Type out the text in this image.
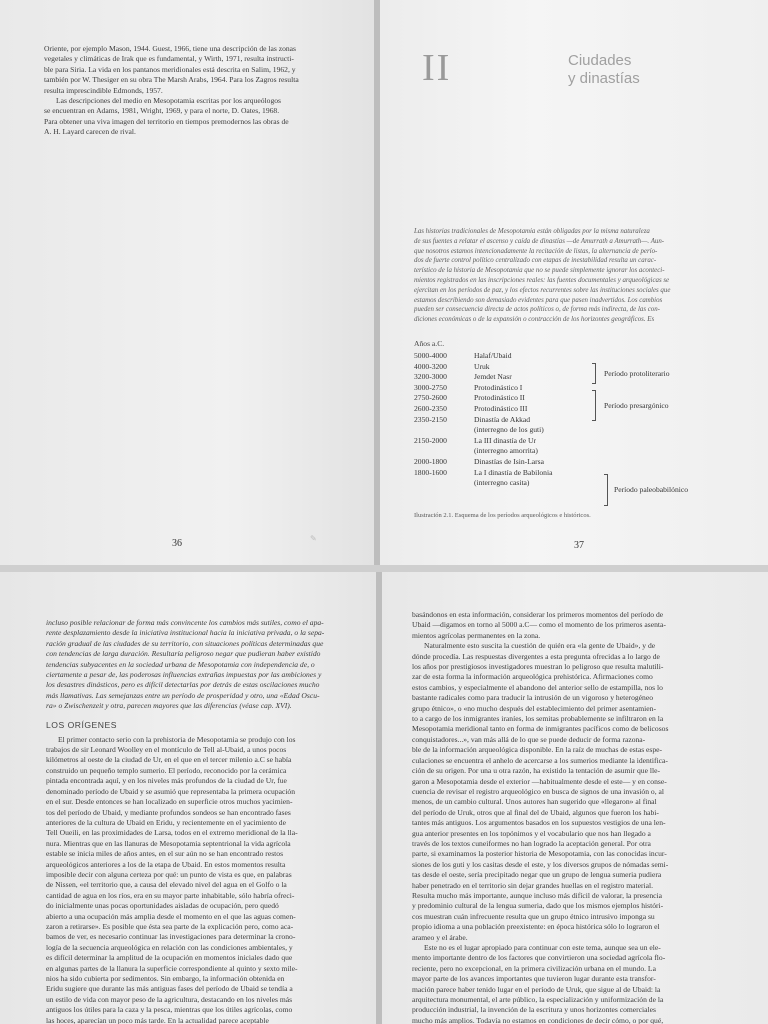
Oriente, por ejemplo Mason, 1944. Guest, 1966, tiene una descripción de las zonas

vegetales y climáticas de Irak que es fundamental, y Wirth, 1971, resulta instructi-

ble para Siria. La vida en los pantanos meridionales está descrita en Salim, 1962, y

también por W. Thesiger en su obra The Marsh Arabs, 1964. Para los Zagros resulta

resulta imprescindible Edmonds, 1957.

Las descripciones del medio en Mesopotamia escritas por los arqueólogos

se encuentran en Adams, 1981, Wright, 1969, y para el norte, D. Oates, 1968.

Para obtener una viva imagen del territorio en tiempos premodernos las obras de

A. H. Layard carecen de rival.

36	✎
II	Ciudades
y dinastías

Las historias tradicionales de Mesopotamia están obligadas por la misma naturaleza

de sus fuentes a relatar el ascenso y caída de dinastías —de Amurrath a Amurrath—. Aun-

que nosotros estamos intencionadamente la recitación de listas, la alternancia de perío-

dos de fuerte control político centralizado con etapas de inestabilidad resulta un carac-

terístico de la historia de Mesopotamia que no se puede simplemente ignorar los aconteci-

mientos registrados en las inscripciones reales: las fuentes documentales y arqueológicas se

ejercitan en los períodos de paz, y los efectos recurrentes sobre las instituciones sociales que

estamos describiendo son demasiado evidentes para que pasen inadvertidos. Los cambios

pueden ser consecuencia directa de actos políticos o, de forma más indirecta, de las con-

diciones económicas o de la expansión o contracción de los horizontes geográficos. Es

Años a.C.
5000-4000	Halaf/Ubaid
4000-3200	Uruk
3200-3000	Jemdet Nasr
3000-2750	Protodinástico I
2750-2600	Protodinástico II
2600-2350	Protodinástico III
2350-2150	Dinastía de Akkad
	(interregno de los guti)
2150-2000	La III dinastía de Ur
	(interregno amorrita)
2000-1800	Dinastías de Isin-Larsa
1800-1600	La I dinastía de Babilonia
	(interregno casita)
Período protoliterario
Período presargónico
Período paleobabilónico
Ilustración 2.1. Esquema de los períodos arqueológicos e históricos.
37

incluso posible relacionar de forma más convincente los cambios más sutiles, como el apa-

rente desplazamiento desde la iniciativa institucional hacia la iniciativa privada, o la sepa-

ración gradual de las ciudades de su territorio, con situaciones políticas determinadas que

con tendencias de larga duración. Resultaría peligroso negar que pudieran haber existido

tendencias subyacentes en la sociedad urbana de Mesopotamia con independencia de, o

ciertamente a pesar de, las poderosas influencias extrañas impuestas por las ambiciones y

los desastres dinásticos, pero es difícil detectarlas por detrás de estas oscilaciones mucho

más llamativas. Las semejanzas entre un período de prosperidad y otro, una «Edad Oscu-

ra» o Zwischenzeit y otra, parecen mayores que las diferencias (véase cap. XVI).

LOS ORÍGENES

El primer contacto serio con la prehistoria de Mesopotamia se produjo con los

trabajos de sir Leonard Woolley en el montículo de Tell al-Ubaid, a unos pocos

kilómetros al oeste de la ciudad de Ur, en el que en el tercer milenio a.C se había

construido un pequeño templo sumerio. El período, reconocido por la cerámica

pintada encontrada aquí, y en los niveles más profundos de la ciudad de Ur, fue

denominado período de Ubaid y se asumió que representaba la primera ocupación

en el sur. Desde entonces se han localizado en superficie otros muchos yacimien-

tos del período de Ubaid, y mediante profundos sondeos se han encontrado fases

anteriores de la cultura de Ubaid en Eridu, y recientemente en el yacimiento de

Tell Oueili, en las proximidades de Larsa, todos en el extremo meridional de la lla-

nura. Mientras que en las llanuras de Mesopotamia septentrional la vida agrícola

estable se inicia miles de años antes, en el sur aún no se han encontrado restos

arqueológicos anteriores a los de la etapa de Ubaid. En estos momentos resulta

imposible decir con alguna certeza por qué: un punto de vista es que, en palabras

de Nissen, «el territorio que, a causa del elevado nivel del agua en el Golfo o la

cantidad de agua en los ríos, era en su mayor parte inhabitable, sólo habría ofreci-

do inicialmente unas pocas oportunidades aisladas de ocupación, pero quedó

abierto a una ocupación más amplia desde el momento en el que las aguas comen-

zaron a retirarse». Es posible que ésta sea parte de la explicación pero, como aca-

bamos de ver, es necesario continuar las investigaciones para determinar la crono-

logía de la secuencia arqueológica en relación con las condiciones ambientales, y

es difícil determinar la amplitud de la ocupación en momentos iniciales dado que

en algunas partes de la llanura la superficie correspondiente al quinto y sexto mile-

nios ha sido cubierta por sedimentos. Sin embargo, la información obtenida en

Eridu sugiere que durante las más antiguas fases del período de Ubaid se tendía a

un estilo de vida con mayor peso de la agricultura, destacando en los niveles más

antiguos los útiles para la caza y la pesca, mientras que los útiles agrícolas, como

las hoces, aparecían un poco más tarde. En la actualidad parece aceptable

basándonos en esta información, considerar los primeros momentos del período de

Ubaid —digamos en torno al 5000 a.C— como el momento de los primeros asenta-

mientos agrícolas permanentes en la zona.

Naturalmente esto suscita la cuestión de quién era «la gente de Ubaid», y de

dónde procedía. Las respuestas divergentes a esta pregunta ofrecidas a lo largo de

los años por prestigiosos investigadores muestran lo peligroso que resulta malutili-

zar de esta forma la información arqueológica prehistórica. Afirmaciones como

estos cambios, y especialmente el abandono del anterior sello de estampilla, nos lo

bastante radicales como para traducir la intrusión de un vigoroso y heterogéneo

grupo étnico», o «no mucho después del establecimiento del primer asentamien-

to a cargo de los inmigrantes iraníes, los semitas probablemente se infiltraron en la

Mesopotamia meridional tanto en forma de inmigrantes pacíficos como de belicosos

conquistadores...», van más allá de lo que se puede deducir de forma razona-

ble de la información arqueológica disponible. En la raíz de muchas de estas espe-

culaciones se encuentra el anhelo de acercarse a los sumerios mediante la identifica-

ción de su origen. Por una u otra razón, ha existido la tentación de asumir que lle-

garon a Mesopotamia desde el exterior —habitualmente desde el este— y en conse-

cuencia de revisar el registro arqueológico en busca de signos de una invasión o, al

menos, de un cambio cultural. Unos autores han sugerido que «llegaron» al final

del período de Uruk, otros que al final del de Ubaid, algunos que fueron los habi-

tantes más antiguos. Los argumentos basados en los supuestos vestigios de una len-

gua anterior presentes en los topónimos y el vocabulario que nos han llegado a

través de los textos cuneiformes no han logrado la aceptación general. Por otra

parte, si examinamos la posterior historia de Mesopotamia, con las conocidas incur-

siones de los guti y los casitas desde el este, y los diversos grupos de nómadas semi-

tas desde el oeste, sería precipitado negar que un grupo de lengua sumeria pudiera

haber penetrado en el territorio sin dejar grandes huellas en el registro material.

Resulta mucho más importante, aunque incluso más difícil de valorar, la presencia

y predominio cultural de la lengua sumeria, dado que los mismos ejemplos históri-

cos muestran cuán infrecuente resulta que un grupo étnico intrusivo imponga su

propio idioma a una población preexistente: en época histórica sólo lo lograron el

arameo y el árabe.

Este no es el lugar apropiado para continuar con este tema, aunque sea un ele-

mento importante dentro de los factores que convirtieron una sociedad agrícola flo-

reciente, pero no excepcional, en la primera civilización urbana en el mundo. La

mayor parte de los avances importantes que tuvieron lugar durante esta transfor-

mación parece haber tenido lugar en el período de Uruk, que sigue al de Ubaid: la

arquitectura monumental, el arte público, la especialización y uniformización de la

producción industrial, la invención de la escritura y unos horizontes comerciales

mucho más amplios. Todavía no estamos en condiciones de decir cómo, o por qué,
